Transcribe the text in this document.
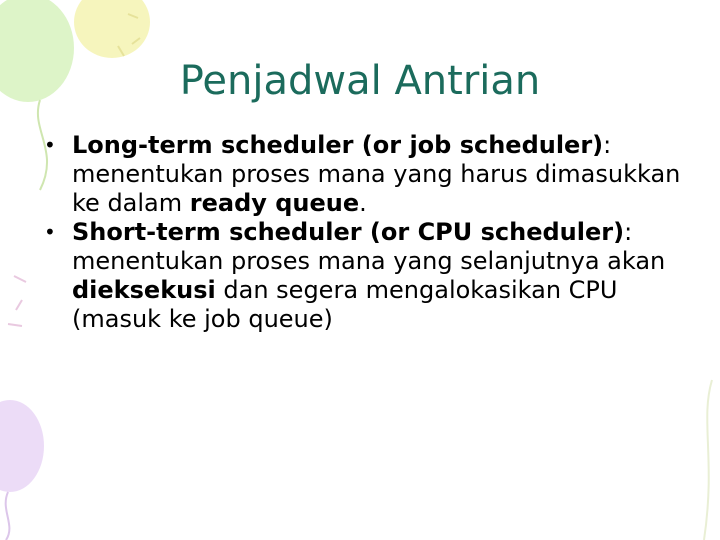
Penjadwal Antrian
• Long-term scheduler (or job scheduler): menentukan proses mana yang harus dimasukkan ke dalam ready queue.
• Short-term scheduler (or CPU scheduler): menentukan proses mana yang selanjutnya akan dieksekusi dan segera mengalokasikan CPU (masuk ke job queue)
